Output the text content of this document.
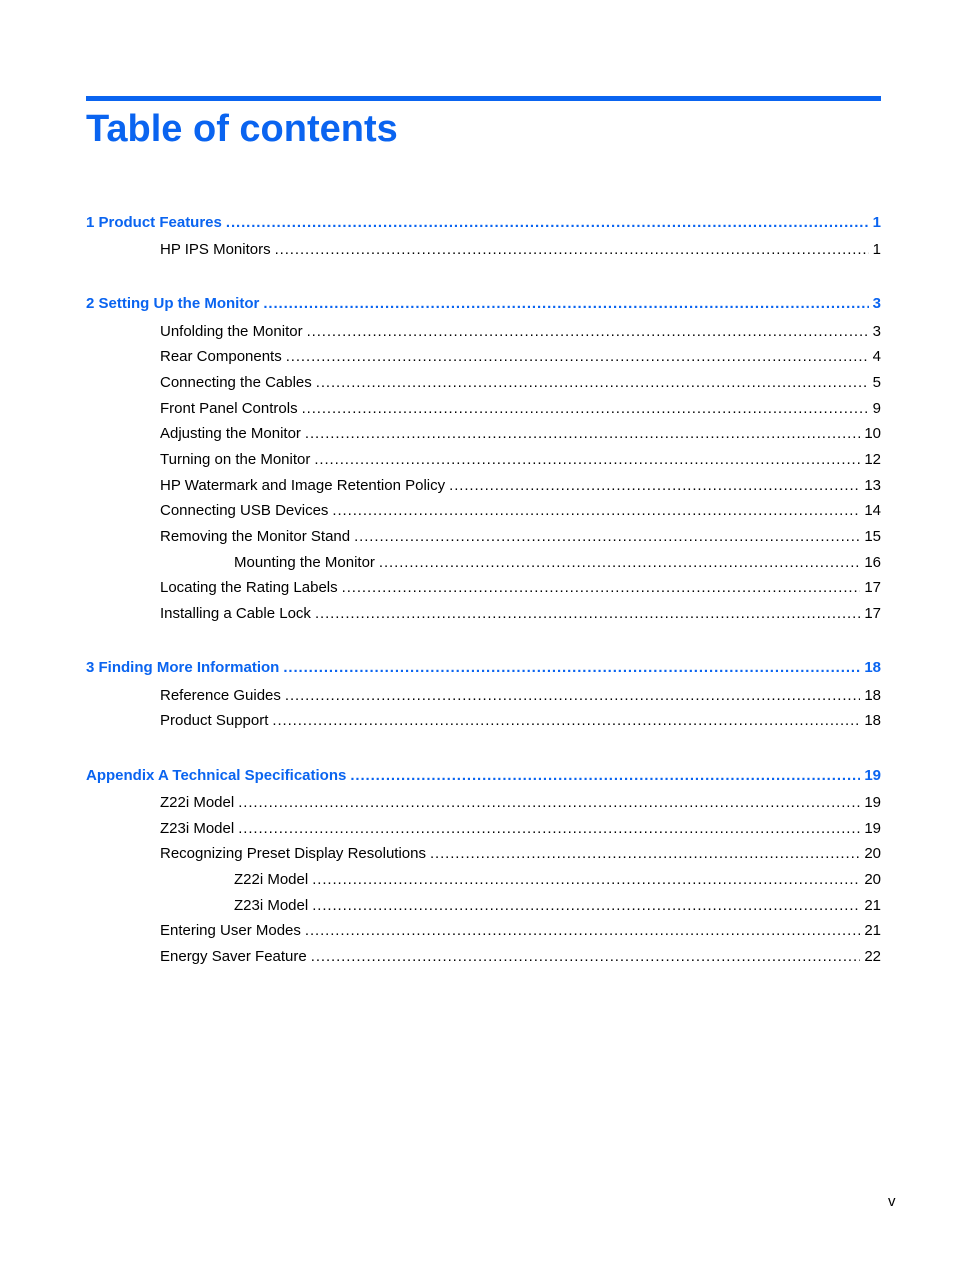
Table of contents
1 Product Features .....	1
HP IPS Monitors .....	1
2 Setting Up the Monitor .....	3
Unfolding the Monitor .....	3
Rear Components .....	4
Connecting the Cables .....	5
Front Panel Controls .....	9
Adjusting the Monitor .....	10
Turning on the Monitor .....	12
HP Watermark and Image Retention Policy .....	13
Connecting USB Devices .....	14
Removing the Monitor Stand .....	15
Mounting the Monitor .....	16
Locating the Rating Labels .....	17
Installing a Cable Lock .....	17
3 Finding More Information .....	18
Reference Guides .....	18
Product Support .....	18
Appendix A Technical Specifications .....	19
Z22i Model .....	19
Z23i Model .....	19
Recognizing Preset Display Resolutions .....	20
Z22i Model .....	20
Z23i Model .....	21
Entering User Modes .....	21
Energy Saver Feature .....	22
v
